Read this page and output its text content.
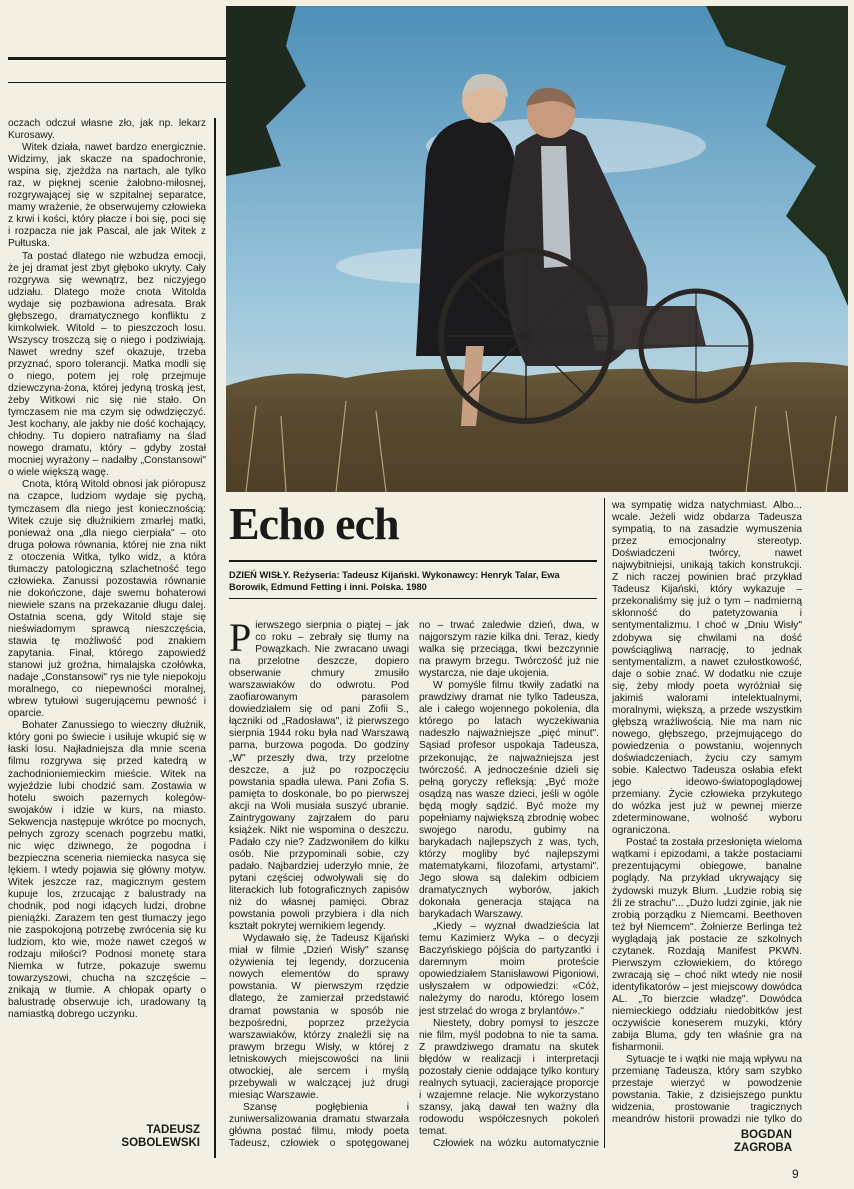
oczach odczuł własne zło, jak np. lekarz Kurosawy.

Witek działa, nawet bardzo energicznie. Widzimy, jak skacze na spadochronie, wspina się, zjeżdża na nartach, ale tylko raz, w pięknej scenie żałobno-miłosnej, rozgrywającej się w szpitalnej separatce, mamy wrażenie, że obserwujemy człowieka z krwi i kości, który płacze i boi się, poci się i rozpacza nie jak Pascal, ale jak Witek z Pułtuska.

Ta postać dlatego nie wzbudza emocji, że jej dramat jest zbyt głęboko ukryty. Cały rozgrywa się wewnątrz, bez niczyjego udziału. Dlatego może cnota Witolda wydaje się pozbawiona adresata. Brak głębszego, dramatycznego konfliktu z kimkolwiek. Witold – to pieszczoch losu. Wszyscy troszczą się o niego i podziwiają. Nawet wredny szef okazuje, trzeba przyznać, sporo tolerancji. Matka modli się o niego, potem jej rolę przejmuje dziewczyna-żona, której jedyną troską jest, żeby Witkowi nic się nie stało. On tymczasem nie ma czym się odwdzięczyć. Jest kochany, ale jakby nie dość kochający, chłodny. Tu dopiero natrafiamy na ślad nowego dramatu, który – gdyby został mocniej wyrażony – nadałby „Constansowi" o wiele większą wagę.

Cnota, którą Witold obnosi jak pióropusz na czapce, ludziom wydaje się pychą, tymczasem dla niego jest koniecznością: Witek czuje się dłużnikiem zmarłej matki, ponieważ ona „dla niego cierpiała" – oto druga połowa równania, której nie zna nikt z otoczenia Witka, tylko widz, a która tłumaczy patologiczną szlachetność tego człowieka. Zanussi pozostawia równanie nie dokończone, daje swemu bohaterowi niewiele szans na przekazanie długu dalej. Ostatnia scena, gdy Witold staje się nieświadomym sprawcą nieszczęścia, stawia tę możliwość pod znakiem zapytania. Finał, którego zapowiedź stanowi już groźna, himalajska czołówka, nadaje „Constansowi" rys nie tyle niepokoju moralnego, co niepewności moralnej, wbrew tytułowi sugerującemu pewność i oparcie.

Bohater Zanussiego to wieczny dłużnik, który goni po świecie i usiłuje wkupić się w łaski losu. Najładniejsza dla mnie scena filmu rozgrywa się przed katedrą w zachodnioniemieckim mieście. Witek na wyjeździe lubi chodzić sam. Zostawia w hotelu swoich pazernych kolegów-swojaków i idzie w kurs, na miasto. Sekwencja następuje wkrótce po mocnych, pełnych zgrozy scenach pogrzebu matki, nic więc dziwnego, że pogodna i bezpieczna sceneria niemiecka nasyca się lękiem. I wtedy pojawia się główny motyw. Witek jeszcze raz, magicznym gestem kupuje los, zrzucając z balustrady na chodnik, pod nogi idących ludzi, drobne pieniążki. Zarazem ten gest tłumaczy jego nie zaspokojoną potrzebę zwrócenia się ku ludziom, kto wie, może nawet czegoś w rodzaju miłości? Podnosi monetę stara Niemka w futrze, pokazuje swemu towarzyszowi, chucha na szczęście – znikają w tłumie. A chłopak oparty o balustradę obserwuje ich, uradowany tą namiastką dobrego uczynku.

TADEUSZ
SOBOLEWSKI
Echo ech
DZIEŃ WISŁY. Reżyseria: Tadeusz Kijański. Wykonawcy: Henryk Talar, Ewa Borowik, Edmund Fetting i inni. Polska. 1980

Pierwszego sierpnia o piątej – jak co roku – zebrały się tłumy na Powązkach. Nie zwracano uwagi na przelotne deszcze, dopiero obserwanie chmury zmusiło warszawiaków do odwrotu. Pod zaofiarowanym parasolem dowiedziałem się od pani Zofii S., łączniki od „Radosława", iż pierwszego sierpnia 1944 roku była nad Warszawą parna, burzowa pogoda. Do godziny „W" przeszły dwa, trzy przelotne deszcze, a już po rozpoczęciu powstania spadła ulewa. Pani Zofia S. pamięta to doskonale, bo po pierwszej akcji na Woli musiała suszyć ubranie. Zaintrygowany zajrzałem do paru książek. Nikt nie wspomina o deszczu. Padało czy nie? Zadzwoniłem do kilku osób. Nie przypominali sobie, czy padało. Najbardziej uderzyło mnie, że pytani częściej odwoływali się do literackich lub fotograficznych zapisów niż do własnej pamięci. Obraz powstania powoli przybiera i dla nich kształt pokrytej wernikiem legendy.

Wydawało się, że Tadeusz Kijański miał w filmie „Dzień Wisły" szansę ożywienia tej legendy, dorzucenia nowych elementów do sprawy powstania. W pierwszym rzędzie dlatego, że zamierzał przedstawić dramat powstania w sposób nie bezpośredni, poprzez przeżycia warszawiaków, którzy znaleźli się na prawym brzegu Wisły, w której z letniskowych miejscowości na linii otwockiej, ale sercem i myślą przebywali w walczącej już drugi miesiąc Warszawie.

Szansę pogłębienia i zuniwersalizowania dramatu stwarzała główna postać filmu, młody poeta Tadeusz, człowiek o spotęgowanej

no – trwać zaledwie dzień, dwa, w najgorszym razie kilka dni. Teraz, kiedy walka się przeciąga, tkwi bezczynnie na prawym brzegu. Twórczość już nie wystarcza, nie daje ukojenia.

W pomyśle filmu tkwiły zadatki na prawdziwy dramat nie tylko Tadeusza, ale i całego wojennego pokolenia, dla którego po latach wyczekiwania nadeszło najważniejsze „pięć minut". Sąsiad profesor uspokaja Tadeusza, przekonując, że najważniejsza jest twórczość. A jednocześnie dzieli się pełną goryczy refleksją: „Być może osądzą nas wasze dzieci, jeśli w ogóle będą mogły sądzić. Być może my popełniamy największą zbrodnię wobec swojego narodu, gubimy na barykadach najlepszych z was, tych, którzy mogliby być najlepszymi matematykami, filozofami, artystami". Jego słowa są dalekim odbiciem dramatycznych wyborów, jakich dokonała generacja stająca na barykadach Warszawy.

„Kiedy – wyznał dwadzieścia lat temu Kazimierz Wyka – o decyzji Baczyńskiego pójścia do partyzantki i daremnym moim proteście opowiedziałem Stanisławowi Pigoniowi, usłyszałem w odpowiedzi: «Cóż, należymy do narodu, którego losem jest strzelać do wroga z brylantów»."

Niestety, dobry pomysł to jeszcze nie film, myśl podobna to nie ta sama. Z prawdziwego dramatu na skutek błędów w realizacji i interpretacji pozostały cienie oddające tylko kontury realnych sytuacji, zacierające proporcje i wzajemne relacje. Nie wykorzystano szansy, jaką dawał ten ważny dla rodowodu współczesnych pokoleń temat.

Człowiek na wózku automatycznie

wa sympatię widza natychmiast. Albo... wcale. Jeżeli widz obdarza Tadeusza sympatią, to na zasadzie wymuszenia przez emocjonalny stereotyp. Doświadczeni twórcy, nawet najwybitniejsi, unikają takich konstrukcji. Z nich raczej powinien brać przykład Tadeusz Kijański, który wykazuje – przekonaliśmy się już o tym – nadmierną skłonność do patetyzowania i sentymentalizmu. I choć w „Dniu Wisły" zdobywa się chwilami na dość powściągliwą narrację, to jednak sentymentalizm, a nawet czułostkowość, daje o sobie znać. W dodatku nie czuje się, żeby młody poeta wyróżniał się jakimiś walorami intelektualnymi, moralnymi, większą, a przede wszystkim głębszą wrażliwością. Nie ma nam nic nowego, głębszego, przejmującego do powiedzenia o powstaniu, wojennych doświadczeniach, życiu czy samym sobie. Kalectwo Tadeusza osłabia efekt jego ideowo-światopoglądowej przemiany. Życie człowieka przykutego do wózka jest już w pewnej mierze zdeterminowane, wolność wyboru ograniczona.

Postać ta została przesłonięta wieloma wątkami i epizodami, a także postaciami prezentującymi obiegowe, banalne poglądy. Na przykład ukrywający się żydowski muzyk Blum. „Ludzie robią się źli ze strachu"... „Dużo ludzi zginie, jak nie zrobią porządku z Niemcami. Beethoven też był Niemcem". Żołnierze Berlinga też wyglądają jak postacie ze szkolnych czytanek. Rozdają Manifest PKWN. Pierwszym człowiekiem, do którego zwracają się – choć nikt wtedy nie nosił identyfikatorów – jest miejscowy dowódca AL. „To bierzcie władzę". Dowódca niemieckiego oddziału niedobitków jest oczywiście koneserem muzyki, który zabija Bluma, gdy ten właśnie gra na fisharmonii.

Sytuacje te i wątki nie mają wpływu na przemianę Tadeusza, który sam szybko przestaje wierzyć w powodzenie powstania. Takie, z dzisiejszego punktu widzenia, prostowanie tragicznych meandrów historii prowadzi nie tylko do

BOGDAN
ZAGROBA
9
